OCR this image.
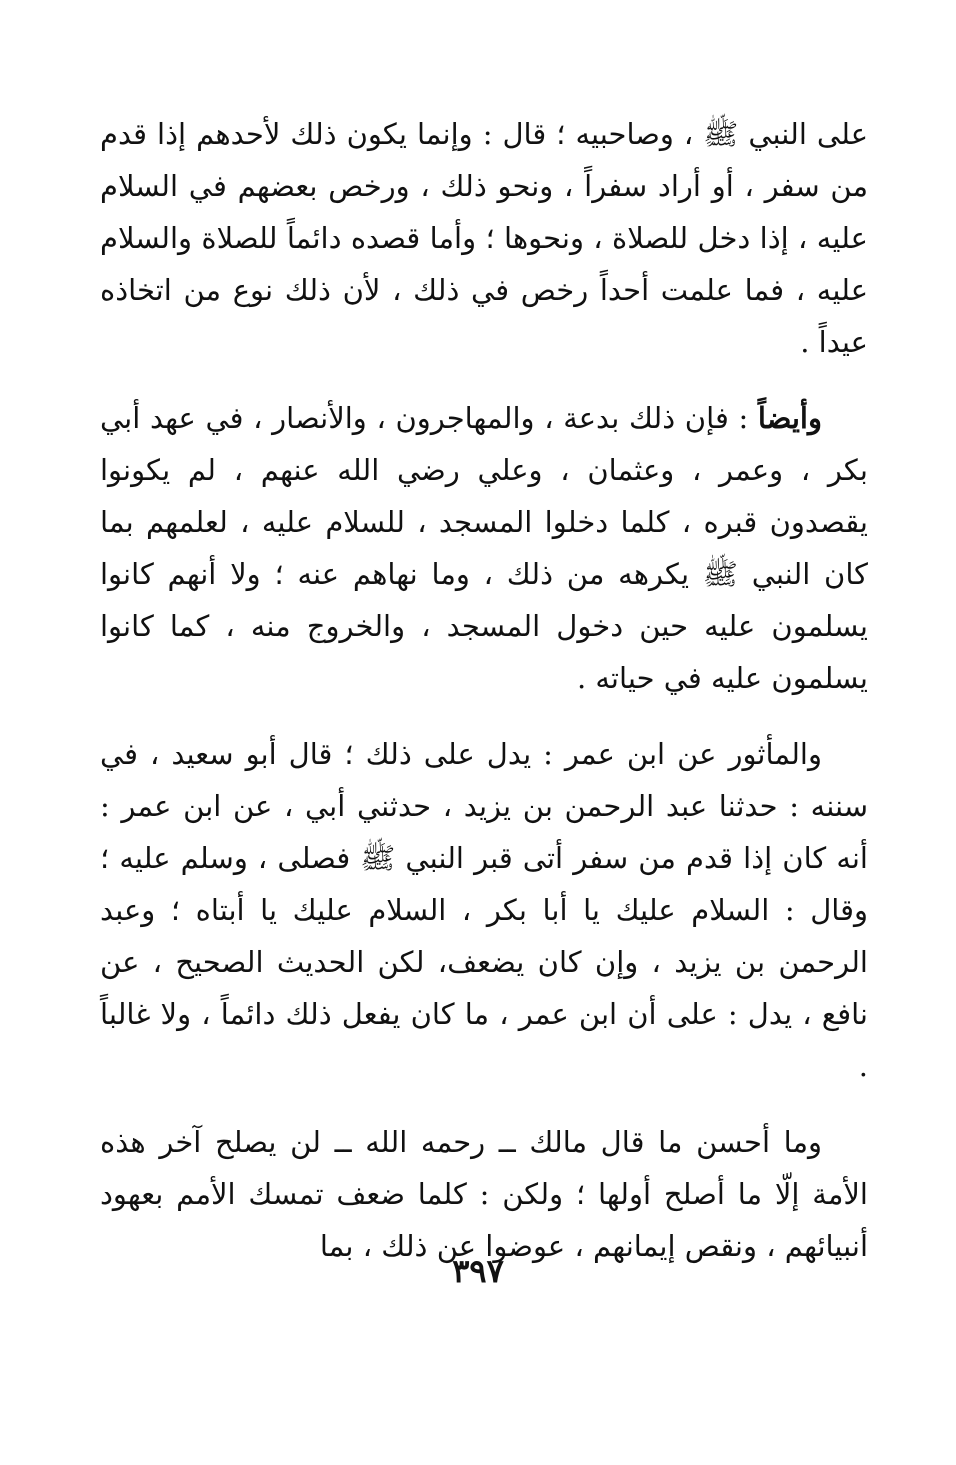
على النبي ﷺ ، وصاحبيه ؛ قال : وإنما يكون ذلك لأحدهم إذا قدم من سفر ، أو أراد سفراً ، ونحو ذلك ، ورخص بعضهم في السلام عليه ، إذا دخل للصلاة ، ونحوها ؛ وأما قصده دائماً للصلاة والسلام عليه ، فما علمت أحداً رخص في ذلك ، لأن ذلك نوع من اتخاذه عيداً .

وأيضاً : فإن ذلك بدعة ، والمهاجرون ، والأنصار ، في عهد أبي بكر ، وعمر ، وعثمان ، وعلي رضي الله عنهم ، لم يكونوا يقصدون قبره ، كلما دخلوا المسجد ، للسلام عليه ، لعلمهم بما كان النبي ﷺ يكرهه من ذلك ، وما نهاهم عنه ؛ ولا أنهم كانوا يسلمون عليه حين دخول المسجد ، والخروج منه ، كما كانوا يسلمون عليه في حياته .

والمأثور عن ابن عمر : يدل على ذلك ؛ قال أبو سعيد ، في سننه : حدثنا عبد الرحمن بن يزيد ، حدثني أبي ، عن ابن عمر : أنه كان إذا قدم من سفر أتى قبر النبي ﷺ فصلى ، وسلم عليه ؛ وقال : السلام عليك يا أبا بكر ، السلام عليك يا أبتاه ؛ وعبد الرحمن بن يزيد ، وإن كان يضعف، لكن الحديث الصحيح ، عن نافع ، يدل : على أن ابن عمر ، ما كان يفعل ذلك دائماً ، ولا غالباً .

وما أحسن ما قال مالك ــ رحمه الله ــ لن يصلح آخر هذه الأمة إلّا ما أصلح أولها ؛ ولكن : كلما ضعف تمسك الأمم بعهود أنبيائهم ، ونقص إيمانهم ، عوضوا عن ذلك ، بما

٣٩٧
